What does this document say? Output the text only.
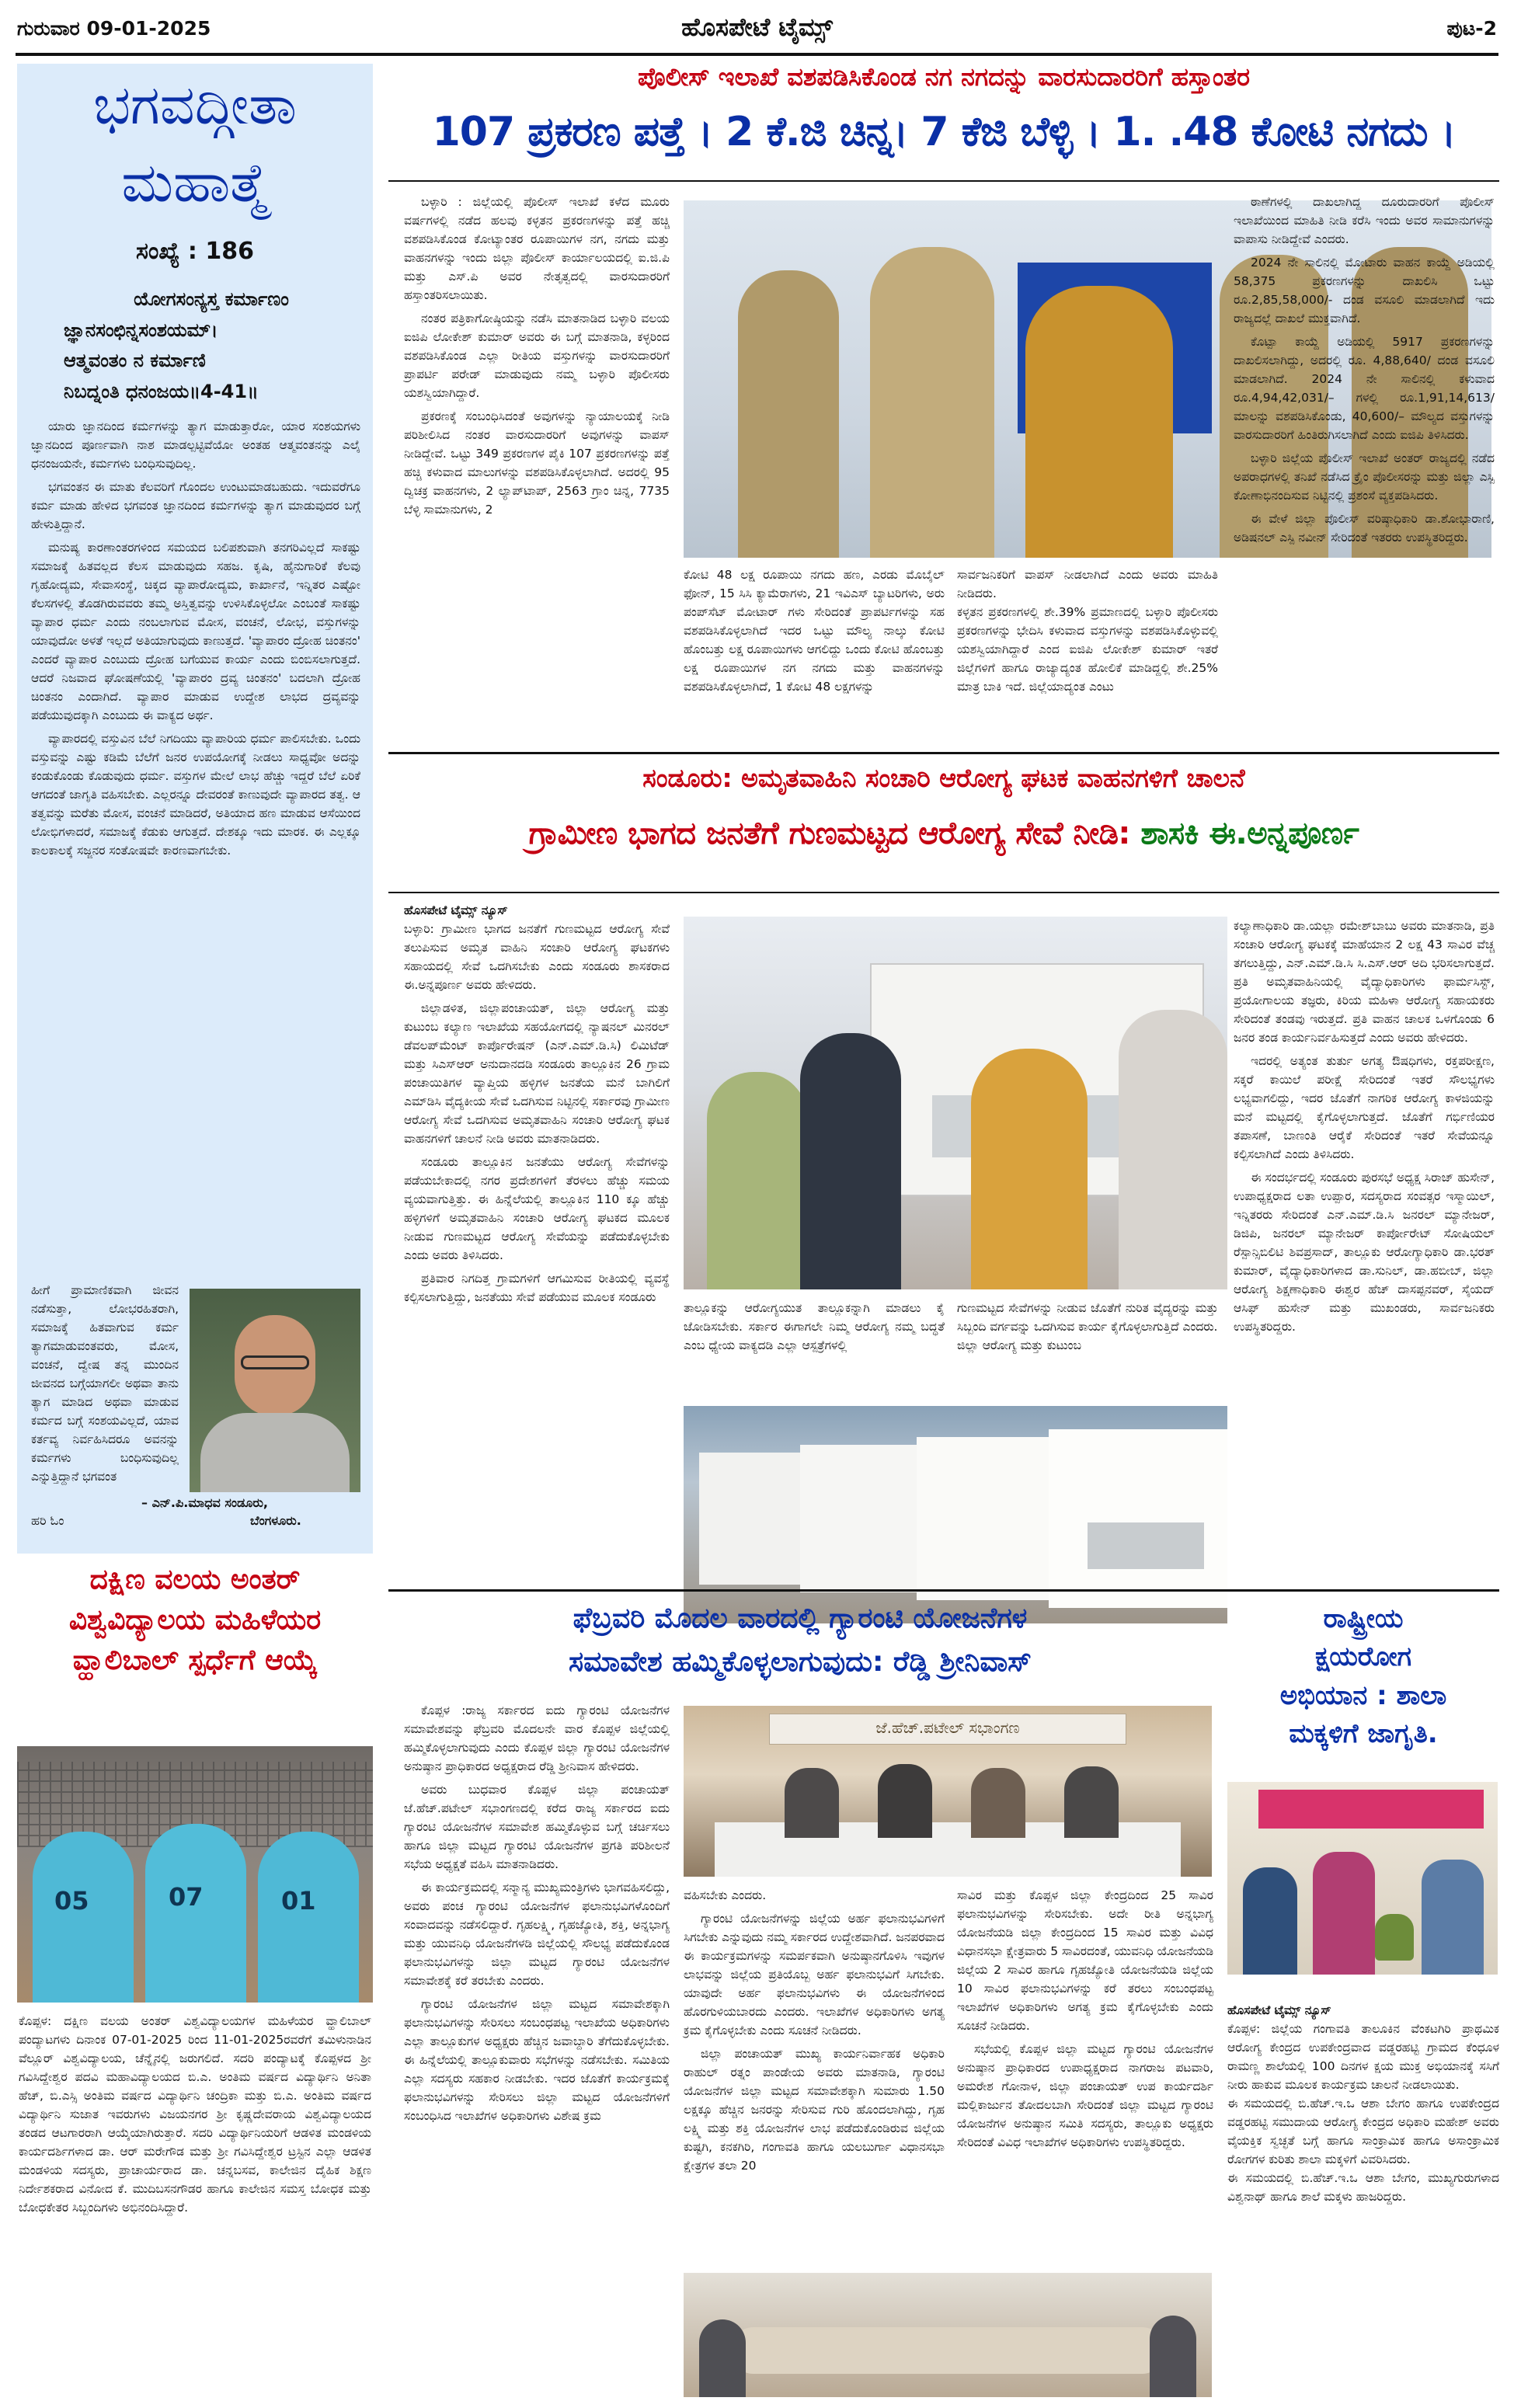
ಗುರುವಾರ 09-01-2025	ಹೊಸಪೇಟೆ ಟೈಮ್ಸ್	ಪುಟ-2
ಭಗವದ್ಗೀತಾ
ಮಹಾತ್ಮೆ
ಸಂಖ್ಯೆ : 186
ಯೋಗಸಂನ್ಯಸ್ತ ಕರ್ಮಾಣಂ
ಜ್ಞಾನಸಂಛಿನ್ನಸಂಶಯಮ್।
ಆತ್ಮವಂತಂ ನ ಕರ್ಮಾಣಿ
ನಿಬದ್ನಂತಿ ಧನಂಜಯ॥4-41॥

ಯಾರು ಜ್ಞಾನದಿಂದ ಕರ್ಮಗಳನ್ನು ತ್ಯಾಗ ಮಾಡುತ್ತಾರೋ, ಯಾರ ಸಂಶಯಗಳು ಜ್ಞಾನದಿಂದ ಪೂರ್ಣವಾಗಿ ನಾಶ ಮಾಡಲ್ಪಟ್ಟಿವೆಯೋ ಅಂತಹ ಆತ್ಮವಂತನನ್ನು ಎಲೈ ಧನಂಜಯನೇ, ಕರ್ಮಗಳು ಬಂಧಿಸುವುದಿಲ್ಲ.

ಭಗವಂತನ ಈ ಮಾತು ಕೆಲವರಿಗೆ ಗೊಂದಲ ಉಂಟುಮಾಡಬಹುದು. ಇದುವರೆಗೂ ಕರ್ಮ ಮಾಡು ಹೇಳಿದ ಭಗವಂತ ಜ್ಞಾನದಿಂದ ಕರ್ಮಗಳನ್ನು ತ್ಯಾಗ ಮಾಡುವುದರ ಬಗ್ಗೆ ಹೇಳುತ್ತಿದ್ದಾನೆ.

ಮನುಷ್ಯ ಕಾರಣಾಂತರಗಳಿಂದ ಸಮಯದ ಬಲಿಪಶುವಾಗಿ ತನಗರಿವಿಲ್ಲದೆ ಸಾಕಷ್ಟು ಸಮಾಜಕ್ಕೆ ಹಿತವಲ್ಲದ ಕೆಲಸ ಮಾಡುವುದು ಸಹಜ. ಕೃಷಿ, ಹೈನುಗಾರಿಕೆ ಕೆಲವು ಗೃಹೋದ್ಯಮ, ಸೇವಾಸಂಸ್ಥೆ, ಚಿಕ್ಕದ ವ್ಯಾಪಾರೋದ್ಯಮ, ಕಾರ್ಖಾನೆ, ಇನ್ನಿತರ ಎಷ್ಟೋ ಕೆಲಸಗಳಲ್ಲಿ ತೊಡಗಿರುವವರು ತಮ್ಮ ಅಸ್ತಿತ್ವವನ್ನು ಉಳಿಸಿಕೊಳ್ಳಲೋ ಎಂಬಂತೆ ಸಾಕಷ್ಟು ವ್ಯಾಪಾರ ಧರ್ಮ ಎಂದು ನಂಬಲಾಗುವ ಮೋಸ, ವಂಚನೆ, ಲೋಭ, ವಸ್ತುಗಳನ್ನು ಯಾವುದೋ ಅಳತೆ ಇಲ್ಲದೆ ಅತಿಯಾಗುವುದು ಕಾಣುತ್ತದೆ. 'ವ್ಯಾಪಾರಂ ದ್ರೋಹ ಚಿಂತನಂ' ಎಂದರೆ ವ್ಯಾಪಾರ ಎಂಬುದು ದ್ರೋಹ ಬಗೆಯುವ ಕಾರ್ಯ ಎಂದು ಬಿಂಬಿಸಲಾಗುತ್ತದೆ. ಆದರೆ ನಿಜವಾದ ಘೋಷಣೆಯಲ್ಲಿ 'ವ್ಯಾಪಾರಂ ದ್ರವ್ಯ ಚಿಂತನಂ' ಬದಲಾಗಿ ದ್ರೋಹ ಚಿಂತನಂ ಎಂದಾಗಿದೆ. ವ್ಯಾಪಾರ ಮಾಡುವ ಉದ್ದೇಶ ಲಾಭದ ದ್ರವ್ಯವನ್ನು ಪಡೆಯುವುದಕ್ಕಾಗಿ ಎಂಬುದು ಈ ವಾಕ್ಯದ ಅರ್ಥ.

ವ್ಯಾಪಾರದಲ್ಲಿ ವಸ್ತುವಿನ ಬೆಲೆ ನಿಗದಿಯು ವ್ಯಾಪಾರಿಯ ಧರ್ಮ ಪಾಲಿಸಬೇಕು. ಒಂದು ವಸ್ತುವನ್ನು ಎಷ್ಟು ಕಡಿಮೆ ಬೆಲೆಗೆ ಜನರ ಉಪಯೋಗಕ್ಕೆ ನೀಡಲು ಸಾಧ್ಯವೋ ಅದನ್ನು ಕಂಡುಕೊಂಡು ಕೊಡುವುದು ಧರ್ಮ. ವಸ್ತುಗಳ ಮೇಲೆ ಲಾಭ ಹೆಚ್ಚು ಇದ್ದರೆ ಬೆಲೆ ಏರಿಕೆ ಆಗದಂತೆ ಜಾಗೃತಿ ವಹಿಸಬೇಕು. ಎಲ್ಲರನ್ನೂ ದೇವರಂತೆ ಕಾಣುವುದೇ ವ್ಯಾಪಾರದ ತತ್ವ. ಆ ತತ್ವವನ್ನು ಮರೆತು ಮೋಸ, ವಂಚನೆ ಮಾಡಿದರೆ, ಅತಿಯಾದ ಹಣ ಮಾಡುವ ಆಸೆಯಿಂದ ಲೋಭಿಗಳಾದರೆ, ಸಮಾಜಕ್ಕೆ ಕೆಡುಕು ಆಗುತ್ತದೆ. ದೇಶಕ್ಕೂ ಇದು ಮಾರಕ. ಈ ಎಲ್ಲಕ್ಕೂ ಕಾಲಕಾಲಕ್ಕೆ ಸಜ್ಜನರ ಸಂತೋಷವೇ ಕಾರಣವಾಗಬೇಕು.

ಹೀಗೆ ಪ್ರಾಮಾಣಿಕವಾಗಿ ಜೀವನ ನಡೆಸುತ್ತಾ, ಲೋಭರಹಿತರಾಗಿ, ಸಮಾಜಕ್ಕೆ ಹಿತವಾಗುವ ಕರ್ಮ ತ್ಯಾಗಮಾಡುವಂತವರು, ಮೋಸ, ವಂಚನೆ, ದ್ವೇಷ ತನ್ನ ಮುಂದಿನ ಜೀವನದ ಬಗ್ಗೆಯಾಗಲೀ ಅಥವಾ ತಾನು ತ್ಯಾಗ ಮಾಡಿದ ಅಥವಾ ಮಾಡುವ ಕರ್ಮದ ಬಗ್ಗೆ ಸಂಶಯವಿಲ್ಲದೆ, ಯಾವ ಕರ್ತವ್ಯ ನಿರ್ವಹಿಸಿದರೂ ಅವನನ್ನು ಕರ್ಮಗಳು ಬಂಧಿಸುವುದಿಲ್ಲ ಎನ್ನುತ್ತಿದ್ದಾನೆ ಭಗವಂತ

– ಎನ್.ಪಿ.ಮಾಧವ ಸಂಡೂರು,
ಹರಿ ಓಂ	ಬೆಂಗಳೂರು.
ಪೊಲೀಸ್ ಇಲಾಖೆ ವಶಪಡಿಸಿಕೊಂಡ ನಗ ನಗದನ್ನು ವಾರಸುದಾರರಿಗೆ ಹಸ್ತಾಂತರ
107 ಪ್ರಕರಣ ಪತ್ತೆ । 2 ಕೆ.ಜಿ ಚಿನ್ನ। 7 ಕೆಜಿ ಬೆಳ್ಳಿ । 1. .48 ಕೋಟಿ ನಗದು ।

ಬಳ್ಳಾರಿ : ಜಿಲ್ಲೆಯಲ್ಲಿ ಪೊಲೀಸ್ ಇಲಾಖೆ ಕಳೆದ ಮೂರು ವರ್ಷಗಳಲ್ಲಿ ನಡೆದ ಹಲವು ಕಳ್ಳತನ ಪ್ರಕರಣಗಳನ್ನು ಪತ್ತೆ ಹಚ್ಚಿ ವಶಪಡಿಸಿಕೊಂಡ ಕೋಟ್ಯಾಂತರ ರೂಪಾಯಿಗಳ ನಗ, ನಗದು ಮತ್ತು ವಾಹನಗಳನ್ನು ಇಂದು ಜಿಲ್ಲಾ ಪೊಲೀಸ್ ಕಾರ್ಯಾಲಯದಲ್ಲಿ ಐ.ಜಿ.ಪಿ ಮತ್ತು ಎಸ್.ಪಿ ಅವರ ನೇತೃತ್ವದಲ್ಲಿ ವಾರಸುದಾರರಿಗೆ ಹಸ್ತಾಂತರಿಸಲಾಯಿತು.

ನಂತರ ಪತ್ರಿಕಾಗೋಷ್ಠಿಯನ್ನು ನಡೆಸಿ ಮಾತನಾಡಿದ ಬಳ್ಳಾರಿ ವಲಯ ಐಜಿಪಿ ಲೋಕೇಶ್ ಕುಮಾರ್ ಅವರು ಈ ಬಗ್ಗೆ ಮಾತನಾಡಿ, ಕಳ್ಳರಿಂದ ವಶಪಡಿಸಿಕೊಂಡ ಎಲ್ಲಾ ರೀತಿಯ ವಸ್ತುಗಳನ್ನು ವಾರಸುದಾರರಿಗೆ ಪ್ರಾಪರ್ಟಿ ಪರೇಡ್ ಮಾಡುವುದು ನಮ್ಮ ಬಳ್ಳಾರಿ ಪೊಲೀಸರು ಯಶಸ್ವಿಯಾಗಿದ್ದಾರೆ.

ಪ್ರಕರಣಕ್ಕೆ ಸಂಬಂಧಿಸಿದಂತೆ ಅವುಗಳನ್ನು ನ್ಯಾಯಾಲಯಕ್ಕೆ ನೀಡಿ ಪರಿಶೀಲಿಸಿದ ನಂತರ ವಾರಸುದಾರರಿಗೆ ಅವುಗಳನ್ನು ವಾಪಸ್ ನೀಡಿದ್ದೇವೆ. ಒಟ್ಟು 349 ಪ್ರಕರಣಗಳ ಪೈಕಿ 107 ಪ್ರಕರಣಗಳನ್ನು ಪತ್ತೆ ಹಚ್ಚಿ ಕಳುವಾದ ಮಾಲುಗಳನ್ನು ವಶಪಡಿಸಿಕೊಳ್ಳಲಾಗಿದೆ. ಅದರಲ್ಲಿ 95 ದ್ವಿಚಕ್ರ ವಾಹನಗಳು, 2 ಲ್ಯಾಪ್‌ಟಾಪ್, 2563 ಗ್ರಾಂ ಚಿನ್ನ, 7735 ಬೆಳ್ಳಿ ಸಾಮಾನುಗಳು, 2

ಕೋಟಿ 48 ಲಕ್ಷ ರೂಪಾಯಿ ನಗದು ಹಣ, ಎರಡು ಮೊಬೈಲ್ ಫೋನ್, 15 ಸಿಸಿ ಕ್ಯಾಮೆರಾಗಳು, 21 ಇವಿಎಸ್ ಬ್ಯಾಟರಿಗಳು, ಅರು ಪಂಪ್‌ಸೆಟ್ ಮೋಟಾರ್ ಗಳು ಸೇರಿದಂತೆ ಪ್ರಾಪರ್ಟಿಗಳನ್ನು ಸಹ ವಶಪಡಿಸಿಕೊಳ್ಳಲಾಗಿದೆ ಇದರ ಒಟ್ಟು ಮೌಲ್ಯ ನಾಲ್ಕು ಕೋಟಿ ಹೊಂಬತ್ತು ಲಕ್ಷ ರೂಪಾಯಿಗಳು ಆಗಲಿದ್ದು ಒಂದು ಕೋಟಿ ಹೊಂಬತ್ತು ಲಕ್ಷ ರೂಪಾಯಿಗಳ ನಗ ನಗದು ಮತ್ತು ವಾಹನಗಳನ್ನು ವಶಪಡಿಸಿಕೊಳ್ಳಲಾಗಿದೆ, 1 ಕೋಟಿ 48 ಲಕ್ಷಗಳನ್ನು
ಸಾರ್ವಜನಿಕರಿಗೆ ವಾಪಸ್ ನೀಡಲಾಗಿದೆ ಎಂದು ಅವರು ಮಾಹಿತಿ ನೀಡಿದರು.
ಕಳ್ಳತನ ಪ್ರಕರಣಗಳಲ್ಲಿ ಶೇ.39% ಪ್ರಮಾಣದಲ್ಲಿ ಬಳ್ಳಾರಿ ಪೊಲೀಸರು ಪ್ರಕರಣಗಳನ್ನು ಭೇದಿಸಿ ಕಳುವಾದ ವಸ್ತುಗಳನ್ನು ವಶಪಡಿಸಿಕೊಳ್ಳುವಲ್ಲಿ ಯಶಸ್ವಿಯಾಗಿದ್ದಾರೆ ಎಂದ ಐಜಿಪಿ ಲೋಕೇಶ್ ಕುಮಾರ್ ಇತರೆ ಜಿಲ್ಲೆಗಳಿಗೆ ಹಾಗೂ ರಾಜ್ಯಾದ್ಯಂತ ಹೋಲಿಕೆ ಮಾಡಿದ್ದಲ್ಲಿ ಶೇ.25% ಮಾತ್ರ ಬಾಕಿ ಇದೆ. ಜಿಲ್ಲೆಯಾದ್ಯಂತ ಎಂಟು

ಠಾಣೆಗಳಲ್ಲಿ ದಾಖಲಾಗಿದ್ದ ದೂರುದಾರರಿಗೆ ಪೊಲೀಸ್ ಇಲಾಖೆಯಿಂದ ಮಾಹಿತಿ ನೀಡಿ ಕರೆಸಿ ಇಂದು ಅವರ ಸಾಮಾನುಗಳನ್ನು ವಾಪಾಸು ನೀಡಿದ್ದೇವೆ ಎಂದರು.

2024 ನೇ ಸಾಲಿನಲ್ಲಿ ಮೋಟಾರು ವಾಹನ ಕಾಯ್ದೆ ಅಡಿಯಲ್ಲಿ 58,375 ಪ್ರಕರಣಗಳನ್ನು ದಾಖಲಿಸಿ ಒಟ್ಟು ರೂ.2,85,58,000/- ದಂಡ ವಸೂಲಿ ಮಾಡಲಾಗಿದೆ ಇದು ರಾಜ್ಯದಲ್ಲೆ ದಾಖಲೆ ಮುಕ್ತವಾಗಿದೆ.

ಕೊಟ್ಪಾ ಕಾಯ್ದೆ ಅಡಿಯಲ್ಲಿ 5917 ಪ್ರಕರಣಗಳನ್ನು ದಾಖಲಿಸಲಾಗಿದ್ದು, ಅದರಲ್ಲಿ ರೂ. 4,88,640/ ದಂಡ ವಸೂಲಿ ಮಾಡಲಾಗಿದೆ. 2024 ನೇ ಸಾಲಿನಲ್ಲಿ ಕಳುವಾದ ರೂ.4,94,42,031/– ಗಳಲ್ಲಿ ರೂ.1,91,14,613/ ಮಾಲನ್ನು ವಶಪಡಿಸಿಕೊಂಡು, 40,600/– ಮೌಲ್ಯದ ವಸ್ತುಗಳನ್ನು ವಾರಸುದಾರರಿಗೆ ಹಿಂತಿರುಗಿಸಲಾಗಿದೆ ಎಂದು ಐಜಿಪಿ ತಿಳಿಸಿದರು.

ಬಳ್ಳಾರಿ ಜಿಲ್ಲೆಯ ಪೊಲೀಸ್ ಇಲಾಖೆ ಅಂತರ್ ರಾಜ್ಯದಲ್ಲಿ ನಡೆದ ಅಪರಾಧಗಳಲ್ಲಿ ತನಿಖೆ ನಡೆಸಿದ ಕ್ರೈಂ ಪೊಲೀಸರನ್ನು ಮತ್ತು ಜಿಲ್ಲಾ ಎಸ್ಪಿ ಕೋಣಾಭಿನಂದಿಸುವ ನಿಟ್ಟಿನಲ್ಲಿ ಪ್ರಶಂಸೆ ವ್ಯಕ್ತಪಡಿಸಿದರು.

ಈ ವೇಳೆ ಜಿಲ್ಲಾ ಪೊಲೀಸ್ ವರಿಷ್ಠಾಧಿಕಾರಿ ಡಾ.ಶೋಭಾರಾಣಿ, ಅಡಿಷನಲ್ ಎಸ್ಪಿ ನವೀನ್ ಸೇರಿದಂತೆ ಇತರರು ಉಪಸ್ಥಿತರಿದ್ದರು.

ಸಂಡೂರು: ಅಮೃತವಾಹಿನಿ ಸಂಚಾರಿ ಆರೋಗ್ಯ ಘಟಕ ವಾಹನಗಳಿಗೆ ಚಾಲನೆ
ಗ್ರಾಮೀಣ ಭಾಗದ ಜನತೆಗೆ ಗುಣಮಟ್ಟದ ಆರೋಗ್ಯ ಸೇವೆ ನೀಡಿ: ಶಾಸಕಿ ಈ.ಅನ್ನಪೂರ್ಣ
ಹೊಸಪೇಟೆ ಟೈಮ್ಸ್ ನ್ಯೂಸ್

ಬಳ್ಳಾರಿ: ಗ್ರಾಮೀಣ ಭಾಗದ ಜನತೆಗೆ ಗುಣಮಟ್ಟದ ಆರೋಗ್ಯ ಸೇವೆ ತಲುಪಿಸುವ ಅಮೃತ ವಾಹಿನಿ ಸಂಚಾರಿ ಆರೋಗ್ಯ ಘಟಕಗಳು ಸಹಾಯದಲ್ಲಿ ಸೇವೆ ಒದಗಿಸಬೇಕು ಎಂದು ಸಂಡೂರು ಶಾಸಕರಾದ ಈ.ಅನ್ನಪೂರ್ಣ ಅವರು ಹೇಳಿದರು.

ಜಿಲ್ಲಾಡಳಿತ, ಜಿಲ್ಲಾಪಂಚಾಯತ್, ಜಿಲ್ಲಾ ಆರೋಗ್ಯ ಮತ್ತು ಕುಟುಂಬ ಕಲ್ಯಾಣ ಇಲಾಖೆಯ ಸಹಯೋಗದಲ್ಲಿ ನ್ಯಾಷನಲ್ ಮಿನರಲ್ ಡೆವಲಪ್‌ಮೆಂಟ್ ಕಾರ್ಪೊರೇಷನ್ (ಎನ್.ಎಮ್.ಡಿ.ಸಿ) ಲಿಮಿಟೆಡ್ ಮತ್ತು ಸಿಎಸ್‌ಆರ್ ಅನುದಾನದಡಿ ಸಂಡೂರು ತಾಲ್ಲೂಕಿನ 26 ಗ್ರಾಮ ಪಂಚಾಯಿತಿಗಳ ವ್ಯಾಪ್ತಿಯ ಹಳ್ಳಿಗಳ ಜನತೆಯ ಮನೆ ಬಾಗಿಲಿಗೆ ಎಮ್‌ಡಿಸಿ ವೈದ್ಯಕೀಯ ಸೇವೆ ಒದಗಿಸುವ ನಿಟ್ಟಿನಲ್ಲಿ ಸರ್ಕಾರವು ಗ್ರಾಮೀಣ ಆರೋಗ್ಯ ಸೇವೆ ಒದಗಿಸುವ ಅಮೃತವಾಹಿನಿ ಸಂಚಾರಿ ಆರೋಗ್ಯ ಘಟಕ ವಾಹನಗಳಿಗೆ ಚಾಲನೆ ನೀಡಿ ಅವರು ಮಾತನಾಡಿದರು.

ಸಂಡೂರು ತಾಲ್ಲೂಕಿನ ಜನತೆಯು ಆರೋಗ್ಯ ಸೇವೆಗಳನ್ನು ಪಡೆಯಬೇಕಾದಲ್ಲಿ ನಗರ ಪ್ರದೇಶಗಳಿಗೆ ತೆರಳಲು ಹೆಚ್ಚು ಸಮಯ ವ್ಯಯವಾಗುತ್ತಿತ್ತು. ಈ ಹಿನ್ನೆಲೆಯಲ್ಲಿ ತಾಲ್ಲೂಕಿನ 110 ಕ್ಕೂ ಹೆಚ್ಚು ಹಳ್ಳಿಗಳಿಗೆ ಅಮೃತವಾಹಿನಿ ಸಂಚಾರಿ ಆರೋಗ್ಯ ಘಟಕದ ಮೂಲಕ ನೀಡುವ ಗುಣಮಟ್ಟದ ಆರೋಗ್ಯ ಸೇವೆಯನ್ನು ಪಡೆದುಕೊಳ್ಳಬೇಕು ಎಂದು ಅವರು ತಿಳಿಸಿದರು.

ಪ್ರತಿವಾರ ನಿಗದಿತ್ತ ಗ್ರಾಮಗಳಿಗೆ ಆಗಮಿಸುವ ರೀತಿಯಲ್ಲಿ ವ್ಯವಸ್ಥೆ ಕಲ್ಪಿಸಲಾಗುತ್ತಿದ್ದು, ಜನತೆಯು ಸೇವೆ ಪಡೆಯುವ ಮೂಲಕ ಸಂಡೂರು

ತಾಲ್ಲೂಕನ್ನು ಆರೋಗ್ಯಯುತ ತಾಲ್ಲೂಕನ್ನಾಗಿ ಮಾಡಲು ಕೈ ಜೋಡಿಸಬೇಕು. ಸರ್ಕಾರ ಈಗಾಗಲೇ ನಿಮ್ಮ ಆರೋಗ್ಯ ನಮ್ಮ ಬದ್ಧತೆ ಎಂಬ ಧ್ಯೇಯ ವಾಕ್ಯದಡಿ ಎಲ್ಲಾ ಆಸ್ಪತ್ರೆಗಳಲ್ಲಿ
ಗುಣಮಟ್ಟದ ಸೇವೆಗಳನ್ನು ನೀಡುವ ಜೊತೆಗೆ ನುರಿತ ವೈದ್ಯರನ್ನು ಮತ್ತು ಸಿಬ್ಬಂದಿ ವರ್ಗವನ್ನು ಒದಗಿಸುವ ಕಾರ್ಯ ಕೈಗೊಳ್ಳಲಾಗುತ್ತಿದೆ ಎಂದರು.
ಜಿಲ್ಲಾ ಆರೋಗ್ಯ ಮತ್ತು ಕುಟುಂಬ

ಕಲ್ಯಾಣಾಧಿಕಾರಿ ಡಾ.ಯಲ್ಲಾ ರಮೇಶ್‌ಬಾಬು ಅವರು ಮಾತನಾಡಿ, ಪ್ರತಿ ಸಂಚಾರಿ ಆರೋಗ್ಯ ಘಟಕಕ್ಕೆ ಮಾಹೆಯಾನ 2 ಲಕ್ಷ 43 ಸಾವಿರ ವೆಚ್ಚ ತಗಲುತ್ತಿದ್ದು, ಎನ್.ಎಮ್.ಡಿ.ಸಿ ಸಿ.ಎಸ್.ಆರ್ ಅದಿ ಭರಿಸಲಾಗುತ್ತದೆ. ಪ್ರತಿ ಅಮೃತವಾಹಿನಿಯಲ್ಲಿ ವೈದ್ಯಾಧಿಕಾರಿಗಳು ಫಾರ್ಮಸಿಸ್ಟ್, ಪ್ರಯೋಗಾಲಯ ತಜ್ಞರು, ಕಿರಿಯ ಮಹಿಳಾ ಆರೋಗ್ಯ ಸಹಾಯಕರು ಸೇರಿದಂತೆ ತಂಡವು ಇರುತ್ತದೆ. ಪ್ರತಿ ವಾಹನ ಚಾಲಕ ಒಳಗೊಂಡು 6 ಜನರ ತಂಡ ಕಾರ್ಯನಿರ್ವಹಿಸುತ್ತದೆ ಎಂದು ಅವರು ಹೇಳಿದರು.

ಇದರಲ್ಲಿ ಅತ್ಯಂತ ತುರ್ತು ಅಗತ್ಯ ಔಷಧಿಗಳು, ರಕ್ತಪರೀಕ್ಷಣ, ಸಕ್ಕರೆ ಕಾಯಿಲೆ ಪರೀಕ್ಷೆ ಸೇರಿದಂತೆ ಇತರೆ ಸೌಲಭ್ಯಗಳು ಲಭ್ಯವಾಗಲಿದ್ದು, ಇದರ ಜೊತೆಗೆ ನಾಗರಿಕ ಆರೋಗ್ಯ ಕಾಳಜಿಯನ್ನು ಮನೆ ಮಟ್ಟದಲ್ಲಿ ಕೈಗೊಳ್ಳಲಾಗುತ್ತದೆ. ಜೊತೆಗೆ ಗರ್ಭಿಣಿಯರ ತಪಾಸಣೆ, ಬಾಣಂತಿ ಆರೈಕೆ ಸೇರಿದಂತೆ ಇತರೆ ಸೇವೆಯನ್ನೂ ಕಲ್ಪಿಸಲಾಗಿದೆ ಎಂದು ತಿಳಿಸಿದರು.

ಈ ಸಂದರ್ಭದಲ್ಲಿ ಸಂಡೂರು ಪುರಸಭೆ ಅಧ್ಯಕ್ಷ ಸಿರಾಜ್ ಹುಸೇನ್, ಉಪಾಧ್ಯಕ್ಷರಾದ ಲತಾ ಉಪ್ಪಾರ, ಸದಸ್ಯರಾದ ಸಂವತ್ಸರ ಇಸ್ಮಾಯಿಲ್, ಇನ್ನಿತರರು ಸೇರಿದಂತೆ ಎನ್.ಎಮ್.ಡಿ.ಸಿ ಜನರಲ್ ಮ್ಯಾನೇಜರ್, ಡಿಜಿಪಿ, ಜನರಲ್ ಮ್ಯಾನೇಜರ್ ಕಾರ್ಪೋರೇಟ್ ಸೋಷಿಯಲ್ ರೆಸ್ಪಾನ್ಸಿಬಿಲಿಟಿ ಶಿವಪ್ರಸಾದ್, ತಾಲ್ಲೂಕು ಆರೋಗ್ಯಾಧಿಕಾರಿ ಡಾ.ಭರತ್ ಕುಮಾರ್, ವೈದ್ಯಾಧಿಕಾರಿಗಳಾದ ಡಾ.ಸುನಿಲ್, ಡಾ.ಹಬೀಬ್, ಜಿಲ್ಲಾ ಆರೋಗ್ಯ ಶಿಕ್ಷಣಾಧಿಕಾರಿ ಈಶ್ವರ ಹೆಚ್ ದಾಸಪ್ಪನವರ್, ಸೈಯದ್ ಆಸಿಫ್ ಹುಸೇನ್ ಮತ್ತು ಮುಖಂಡರು, ಸಾರ್ವಜನಿಕರು ಉಪಸ್ಥಿತರಿದ್ದರು.

ದಕ್ಷಿಣ ವಲಯ ಅಂತರ್
ವಿಶ್ವವಿದ್ಯಾಲಯ ಮಹಿಳೆಯರ
ವ್ಹಾಲಿಬಾಲ್ ಸ್ಪರ್ಧೆಗೆ ಆಯ್ಕೆ
05	07	01
ಕೊಪ್ಪಳ: ದಕ್ಷಿಣ ವಲಯ ಅಂತರ್ ವಿಶ್ವವಿದ್ಯಾಲಯಗಳ ಮಹಿಳೆಯರ ವ್ಹಾಲಿಬಾಲ್ ಪಂದ್ಯಾಟಗಳು ದಿನಾಂಕ 07-01-2025 ರಿಂದ 11-01-2025ರವರೆಗೆ ತಮಿಳುನಾಡಿನ ವೆಲ್ಲೂರ್ ವಿಶ್ವವಿದ್ಯಾಲಯ, ಚೆನ್ನೈನಲ್ಲಿ ಜರುಗಲಿದೆ. ಸದರಿ ಪಂದ್ಯಾಟಕ್ಕೆ ಕೊಪ್ಪಳದ ಶ್ರೀ ಗವಿಸಿದ್ದೇಶ್ವರ ಪದವಿ ಮಹಾವಿದ್ಯಾಲಯದ ಬಿ.ಎ. ಅಂತಿಮ ವರ್ಷದ ವಿದ್ಯಾರ್ಥಿನಿ ಅನಿತಾ ಹೆಚ್, ಬಿ.ಎಸ್ಸಿ ಅಂತಿಮ ವರ್ಷದ ವಿದ್ಯಾರ್ಥಿನಿ ಚಂದ್ರಿಕಾ ಮತ್ತು ಬಿ.ಎ. ಅಂತಿಮ ವರ್ಷದ ವಿದ್ಯಾರ್ಥಿನಿ ಸುಜಾತ ಇವರುಗಳು ವಿಜಯನಗರ ಶ್ರೀ ಕೃಷ್ಣದೇವರಾಯ ವಿಶ್ವವಿದ್ಯಾಲಯದ ತಂಡದ ಆಟಗಾರರಾಗಿ ಆಯ್ಕೆಯಾಗಿರುತ್ತಾರೆ. ಸದರಿ ವಿದ್ಯಾರ್ಥಿನಿಯರಿಗೆ ಆಡಳಿತ ಮಂಡಳಿಯ ಕಾರ್ಯದರ್ಶಿಗಳಾದ ಡಾ. ಆರ್ ಮರೇಗೌಡ ಮತ್ತು ಶ್ರೀ ಗವಿಸಿದ್ದೇಶ್ವರ ಟ್ರಸ್ಟಿನ ಎಲ್ಲಾ ಆಡಳಿತ ಮಂಡಳಿಯ ಸದಸ್ಯರು, ಪ್ರಾಚಾರ್ಯರಾದ ಡಾ. ಚನ್ನಬಸವ, ಕಾಲೇಜಿನ ದೈಹಿಕ ಶಿಕ್ಷಣ ನಿರ್ದೇಶಕರಾದ ವಿನೋದ ಕೆ. ಮುದಿಬಸನಗೌಡರ ಹಾಗೂ ಕಾಲೇಜಿನ ಸಮಸ್ತ ಬೋಧಕ ಮತ್ತು ಬೋಧಕೇತರ ಸಿಬ್ಬಂದಿಗಳು ಅಭಿನಂದಿಸಿದ್ದಾರೆ.
ಫೆಬ್ರವರಿ ಮೊದಲ ವಾರದಲ್ಲಿ ಗ್ಯಾರಂಟಿ ಯೋಜನೆಗಳ
ಸಮಾವೇಶ ಹಮ್ಮಿಕೊಳ್ಳಲಾಗುವುದು: ರೆಡ್ಡಿ ಶ್ರೀನಿವಾಸ್

ಕೊಪ್ಪಳ :ರಾಜ್ಯ ಸರ್ಕಾರದ ಐದು ಗ್ಯಾರಂಟಿ ಯೋಜನೆಗಳ ಸಮಾವೇಶವನ್ನು ಫೆಬ್ರವರಿ ಮೊದಲನೇ ವಾರ ಕೊಪ್ಪಳ ಜಿಲ್ಲೆಯಲ್ಲಿ ಹಮ್ಮಿಕೊಳ್ಳಲಾಗುವುದು ಎಂದು ಕೊಪ್ಪಳ ಜಿಲ್ಲಾ ಗ್ಯಾರಂಟಿ ಯೋಜನೆಗಳ ಅನುಷ್ಠಾನ ಪ್ರಾಧಿಕಾರದ ಅಧ್ಯಕ್ಷರಾದ ರೆಡ್ಡಿ ಶ್ರೀನಿವಾಸ ಹೇಳಿದರು.

ಅವರು ಬುಧವಾರ ಕೊಪ್ಪಳ ಜಿಲ್ಲಾ ಪಂಚಾಯತ್ ಜೆ.ಹೆಚ್.ಪಟೇಲ್ ಸಭಾಂಗಣದಲ್ಲಿ ಕರೆದ ರಾಜ್ಯ ಸರ್ಕಾರದ ಐದು ಗ್ಯಾರಂಟಿ ಯೋಜನೆಗಳ ಸಮಾವೇಶ ಹಮ್ಮಿಕೊಳ್ಳುವ ಬಗ್ಗೆ ಚರ್ಚಿಸಲು ಹಾಗೂ ಜಿಲ್ಲಾ ಮಟ್ಟದ ಗ್ಯಾರಂಟಿ ಯೋಜನೆಗಳ ಪ್ರಗತಿ ಪರಿಶೀಲನೆ ಸಭೆಯ ಅಧ್ಯಕ್ಷತೆ ವಹಿಸಿ ಮಾತನಾಡಿದರು.

ಈ ಕಾರ್ಯಕ್ರಮದಲ್ಲಿ ಸನ್ಮಾನ್ಯ ಮುಖ್ಯಮಂತ್ರಿಗಳು ಭಾಗವಹಿಸಲಿದ್ದು, ಅವರು ಪಂಚ ಗ್ಯಾರಂಟಿ ಯೋಜನೆಗಳ ಫಲಾನುಭವಿಗಳೊಂದಿಗೆ ಸಂವಾದವನ್ನು ನಡೆಸಲಿದ್ದಾರೆ. ಗೃಹಲಕ್ಷ್ಮಿ, ಗೃಹಜ್ಯೋತಿ, ಶಕ್ತಿ, ಅನ್ನಭಾಗ್ಯ ಮತ್ತು ಯುವನಿಧಿ ಯೋಜನೆಗಳಡಿ ಜಿಲ್ಲೆಯಲ್ಲಿ ಸೌಲಭ್ಯ ಪಡೆದುಕೊಂಡ ಫಲಾನುಭವಿಗಳನ್ನು ಜಿಲ್ಲಾ ಮಟ್ಟದ ಗ್ಯಾರಂಟಿ ಯೋಜನೆಗಳ ಸಮಾವೇಶಕ್ಕೆ ಕರೆ ತರಬೇಕು ಎಂದರು.

ಗ್ಯಾರಂಟಿ ಯೋಜನೆಗಳ ಜಿಲ್ಲಾ ಮಟ್ಟದ ಸಮಾವೇಶಕ್ಕಾಗಿ ಫಲಾನುಭವಿಗಳನ್ನು ಸೇರಿಸಲು ಸಂಬಂಧಪಟ್ಟ ಇಲಾಖೆಯ ಅಧಿಕಾರಿಗಳು ಎಲ್ಲಾ ತಾಲ್ಲೂಕುಗಳ ಅಧ್ಯಕ್ಷರು ಹೆಚ್ಚಿನ ಜವಾಬ್ದಾರಿ ತೆಗೆದುಕೊಳ್ಳಬೇಕು. ಈ ಹಿನ್ನೆಲೆಯಲ್ಲಿ ತಾಲ್ಲೂಕುವಾರು ಸಭೆಗಳನ್ನು ನಡೆಸಬೇಕು. ಸಮಿತಿಯ ಎಲ್ಲಾ ಸದಸ್ಯರು ಸಹಕಾರ ನೀಡಬೇಕು. ಇದರ ಜೊತೆಗೆ ಕಾರ್ಯಕ್ರಮಕ್ಕೆ ಫಲಾನುಭವಿಗಳನ್ನು ಸೇರಿಸಲು ಜಿಲ್ಲಾ ಮಟ್ಟದ ಯೋಜನೆಗಳಿಗೆ ಸಂಬಂಧಿಸಿದ ಇಲಾಖೆಗಳ ಅಧಿಕಾರಿಗಳು ವಿಶೇಷ ಕ್ರಮ

ಜೆ.ಹೆಚ್.ಪಟೇಲ್ ಸಭಾಂಗಣ

ವಹಿಸಬೇಕು ಎಂದರು.

ಗ್ಯಾರಂಟಿ ಯೋಜನೆಗಳನ್ನು ಜಿಲ್ಲೆಯ ಅರ್ಹ ಫಲಾನುಭವಿಗಳಿಗೆ ಸಿಗಬೇಕು ಎನ್ನುವುದು ನಮ್ಮ ಸರ್ಕಾರದ ಉದ್ದೇಶವಾಗಿದೆ. ಜನಪರವಾದ ಈ ಕಾರ್ಯಕ್ರಮಗಳನ್ನು ಸಮರ್ಪಕವಾಗಿ ಅನುಷ್ಠಾನಗೊಳಿಸಿ ಇವುಗಳ ಲಾಭವನ್ನು ಜಿಲ್ಲೆಯ ಪ್ರತಿಯೊಬ್ಬ ಅರ್ಹ ಫಲಾನುಭವಿಗೆ ಸಿಗಬೇಕು. ಯಾವುದೇ ಅರ್ಹ ಫಲಾನುಭವಿಗಳು ಈ ಯೋಜನೆಗಳಿಂದ ಹೊರಗುಳಿಯಬಾರದು ಎಂದರು. ಇಲಾಖೆಗಳ ಅಧಿಕಾರಿಗಳು ಅಗತ್ಯ ಕ್ರಮ ಕೈಗೊಳ್ಳಬೇಕು ಎಂದು ಸೂಚನೆ ನೀಡಿದರು.

ಜಿಲ್ಲಾ ಪಂಚಾಯತ್ ಮುಖ್ಯ ಕಾರ್ಯನಿರ್ವಾಹಕ ಅಧಿಕಾರಿ ರಾಹುಲ್ ರತ್ನಂ ಪಾಂಡೇಯ ಅವರು ಮಾತನಾಡಿ, ಗ್ಯಾರಂಟಿ ಯೋಜನೆಗಳ ಜಿಲ್ಲಾ ಮಟ್ಟದ ಸಮಾವೇಶಕ್ಕಾಗಿ ಸುಮಾರು 1.50 ಲಕ್ಷಕ್ಕೂ ಹೆಚ್ಚಿನ ಜನರನ್ನು ಸೇರಿಸುವ ಗುರಿ ಹೊಂದಲಾಗಿದ್ದು, ಗೃಹ ಲಕ್ಷ್ಮಿ ಮತ್ತು ಶಕ್ತಿ ಯೋಜನೆಗಳ ಲಾಭ ಪಡೆದುಕೊಂಡಿರುವ ಜಿಲ್ಲೆಯ ಕುಷ್ಟಗಿ, ಕನಕಗಿರಿ, ಗಂಗಾವತಿ ಹಾಗೂ ಯಲಬುರ್ಗಾ ವಿಧಾನಸಭಾ ಕ್ಷೇತ್ರಗಳ ತಲಾ 20

ಸಾವಿರ ಮತ್ತು ಕೊಪ್ಪಳ ಜಿಲ್ಲಾ ಕೇಂದ್ರದಿಂದ 25 ಸಾವಿರ ಫಲಾನುಭವಿಗಳನ್ನು ಸೇರಿಸಬೇಕು. ಅದೇ ರೀತಿ ಅನ್ನಭಾಗ್ಯ ಯೋಜನೆಯಡಿ ಜಿಲ್ಲಾ ಕೇಂದ್ರದಿಂದ 15 ಸಾವಿರ ಮತ್ತು ವಿವಿಧ ವಿಧಾನಸಭಾ ಕ್ಷೇತ್ರವಾರು 5 ಸಾವಿರದಂತೆ, ಯುವನಿಧಿ ಯೋಜನೆಯಡಿ ಜಿಲ್ಲೆಯ 2 ಸಾವಿರ ಹಾಗೂ ಗೃಹಜ್ಯೋತಿ ಯೋಜನೆಯಡಿ ಜಿಲ್ಲೆಯ 10 ಸಾವಿರ ಫಲಾನುಭವಿಗಳನ್ನು ಕರೆ ತರಲು ಸಂಬಂಧಪಟ್ಟ ಇಲಾಖೆಗಳ ಅಧಿಕಾರಿಗಳು ಅಗತ್ಯ ಕ್ರಮ ಕೈಗೊಳ್ಳಬೇಕು ಎಂದು ಸೂಚನೆ ನೀಡಿದರು.

ಸಭೆಯಲ್ಲಿ ಕೊಪ್ಪಳ ಜಿಲ್ಲಾ ಮಟ್ಟದ ಗ್ಯಾರಂಟಿ ಯೋಜನೆಗಳ ಅನುಷ್ಠಾನ ಪ್ರಾಧಿಕಾರದ ಉಪಾಧ್ಯಕ್ಷರಾದ ನಾಗರಾಜ ಪಟವಾರಿ, ಅಮರೇಶ ಗೋನಾಳ, ಜಿಲ್ಲಾ ಪಂಚಾಯತ್ ಉಪ ಕಾರ್ಯದರ್ಶಿ ಮಲ್ಲಿಕಾರ್ಜುನ ತೋದಲಬಾಗಿ ಸೇರಿದಂತೆ ಜಿಲ್ಲಾ ಮಟ್ಟದ ಗ್ಯಾರಂಟಿ ಯೋಜನೆಗಳ ಅನುಷ್ಠಾನ ಸಮಿತಿ ಸದಸ್ಯರು, ತಾಲ್ಲೂಕು ಅಧ್ಯಕ್ಷರು ಸೇರಿದಂತೆ ವಿವಿಧ ಇಲಾಖೆಗಳ ಅಧಿಕಾರಿಗಳು ಉಪಸ್ಥಿತರಿದ್ದರು.

ರಾಷ್ಟ್ರೀಯ
ಕ್ಷಯರೋಗ
ಅಭಿಯಾನ : ಶಾಲಾ
ಮಕ್ಕಳಿಗೆ ಜಾಗೃತಿ.

ಹೊಸಪೇಟೆ ಟೈಮ್ಸ್ ನ್ಯೂಸ್
ಕೊಪ್ಪಳ: ಜಿಲ್ಲೆಯ ಗಂಗಾವತಿ ತಾಲೂಕಿನ ವೆಂಕಟಗಿರಿ ಪ್ರಾಥಮಿಕ ಆರೋಗ್ಯ ಕೇಂದ್ರದ ಉಪಕೇಂದ್ರವಾದ ವಡ್ಡರಹಟ್ಟಿ ಗ್ರಾಮದ ಕೆಂಧೂಳ ರಾಮಣ್ಣ ಶಾಲೆಯಲ್ಲಿ 100 ದಿನಗಳ ಕ್ಷಯ ಮುಕ್ತ ಅಭಿಯಾನಕ್ಕೆ ಸಸಿಗೆ ನೀರು ಹಾಕುವ ಮೂಲಕ ಕಾರ್ಯಕ್ರಮ ಚಾಲನೆ ನೀಡಲಾಯಿತು.
ಈ ಸಮಯದಲ್ಲಿ ಬಿ.ಹೆಚ್.ಇ.ಒ ಆಶಾ ಬೇಗಂ ಹಾಗೂ ಉಪಕೇಂದ್ರದ ವಡ್ಡರಹಟ್ಟಿ ಸಮುದಾಯ ಆರೋಗ್ಯ ಕೇಂದ್ರದ ಅಧಿಕಾರಿ ಮಹೇಶ್ ಅವರು ವೈಯಕ್ತಿಕ ಸ್ವಚ್ಛತೆ ಬಗ್ಗೆ ಹಾಗೂ ಸಾಂಕ್ರಾಮಿಕ ಹಾಗೂ ಅಸಾಂಕ್ರಾಮಿಕ ರೋಗಗಳ ಕುರಿತು ಶಾಲಾ ಮಕ್ಕಳಿಗೆ ವಿವರಿಸಿದರು.
ಈ ಸಮಯದಲ್ಲಿ ಬಿ.ಹೆಚ್.ಇ.ಒ ಆಶಾ ಬೇಗಂ, ಮುಖ್ಯಗುರುಗಳಾದ ವಿಶ್ವನಾಥ್ ಹಾಗೂ ಶಾಲೆ ಮಕ್ಕಳು ಹಾಜರಿದ್ದರು.
